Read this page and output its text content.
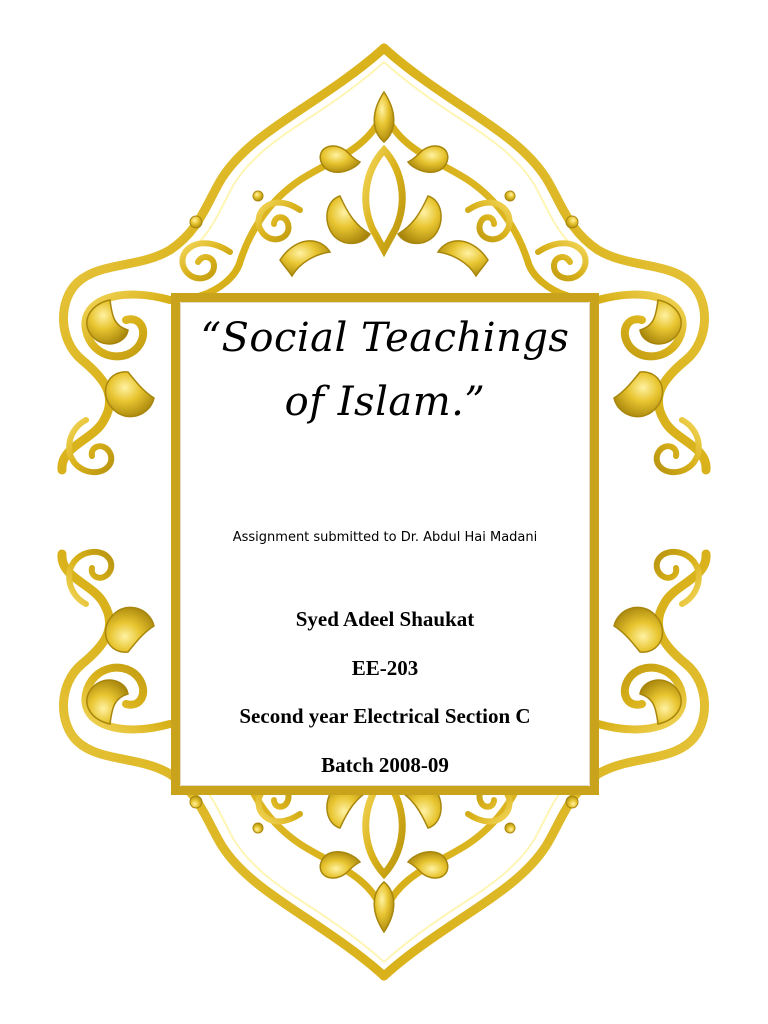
“Social Teachings
of Islam.”
Assignment submitted to Dr. Abdul Hai Madani
Syed Adeel Shaukat
EE-203
Second year Electrical Section C
Batch 2008-09
